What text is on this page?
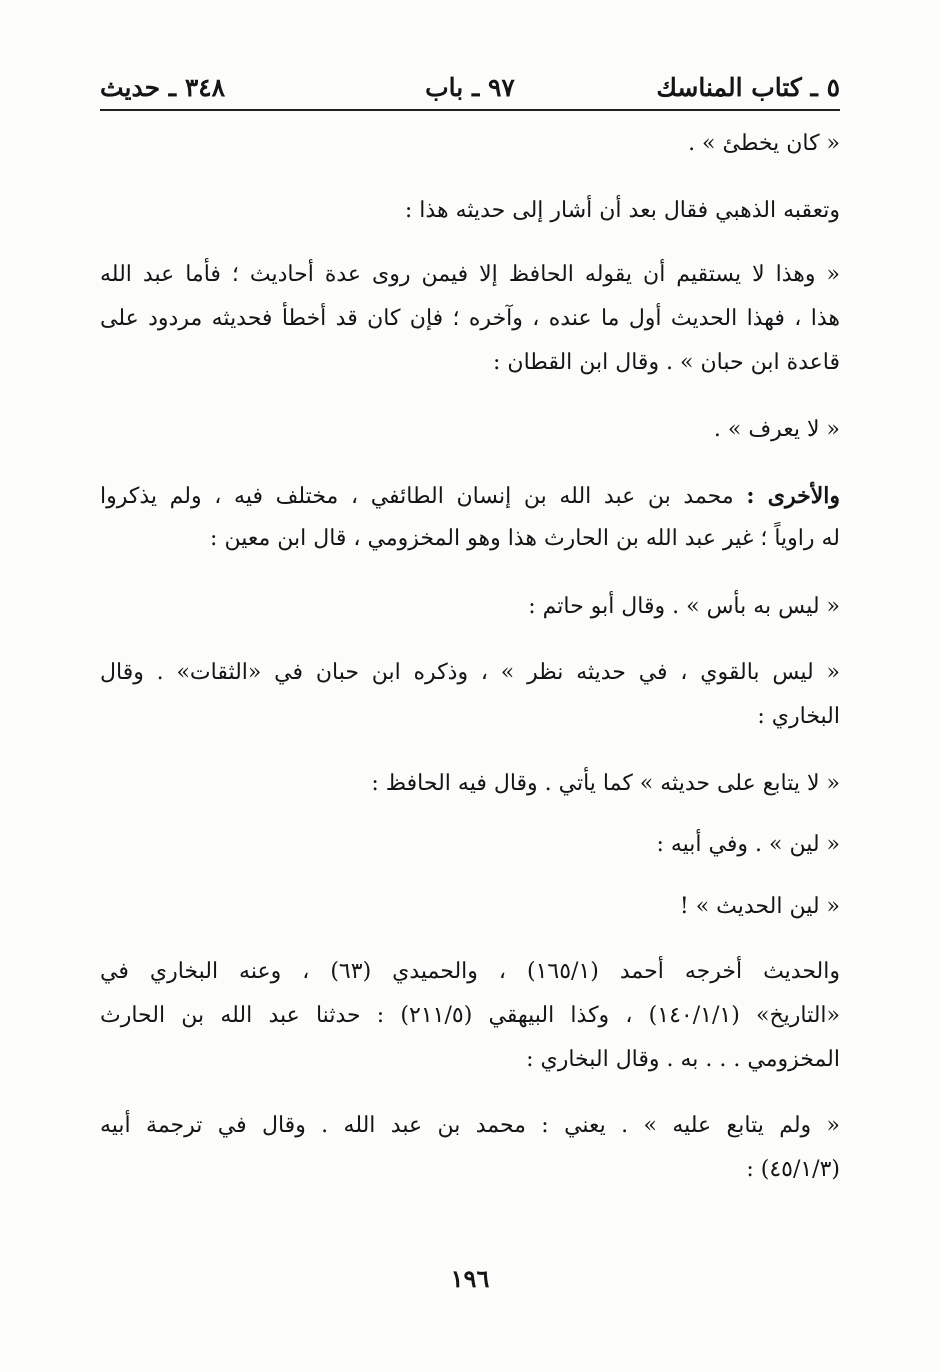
٥ ـ كتاب المناسك
٩٧ ـ باب
٣٤٨ ـ حديث
« كان يخطئ » .
وتعقبه الذهبي فقال بعد أن أشار إلى حديثه هذا :
« وهذا لا يستقيم أن يقوله الحافظ إلا فيمن روى عدة أحاديث ؛ فأما عبد الله
هذا ، فهذا الحديث أول ما عنده ، وآخره ؛ فإن كان قد أخطأ فحديثه مردود على
قاعدة ابن حبان » . وقال ابن القطان :
« لا يعرف » .
والأخرى : محمد بن عبد الله بن إنسان الطائفي ، مختلف فيه ، ولم يذكروا
له راوياً ؛ غير عبد الله بن الحارث هذا وهو المخزومي ، قال ابن معين :
« ليس به بأس » . وقال أبو حاتم :
« ليس بالقوي ، في حديثه نظر » ، وذكره ابن حبان في «الثقات» . وقال
البخاري :
« لا يتابع على حديثه » كما يأتي . وقال فيه الحافظ :
« لين » . وفي أبيه :
« لين الحديث » !
والحديث أخرجه أحمد (١٦٥/١) ، والحميدي (٦٣) ، وعنه البخاري في
«التاريخ» (١٤٠/١/١) ، وكذا البيهقي (٢١١/٥) : حدثنا عبد الله بن الحارث
المخزومي . . . به . وقال البخاري :
« ولم يتابع عليه » . يعني : محمد بن عبد الله . وقال في ترجمة أبيه
(٤٥/١/٣) :
١٩٦
